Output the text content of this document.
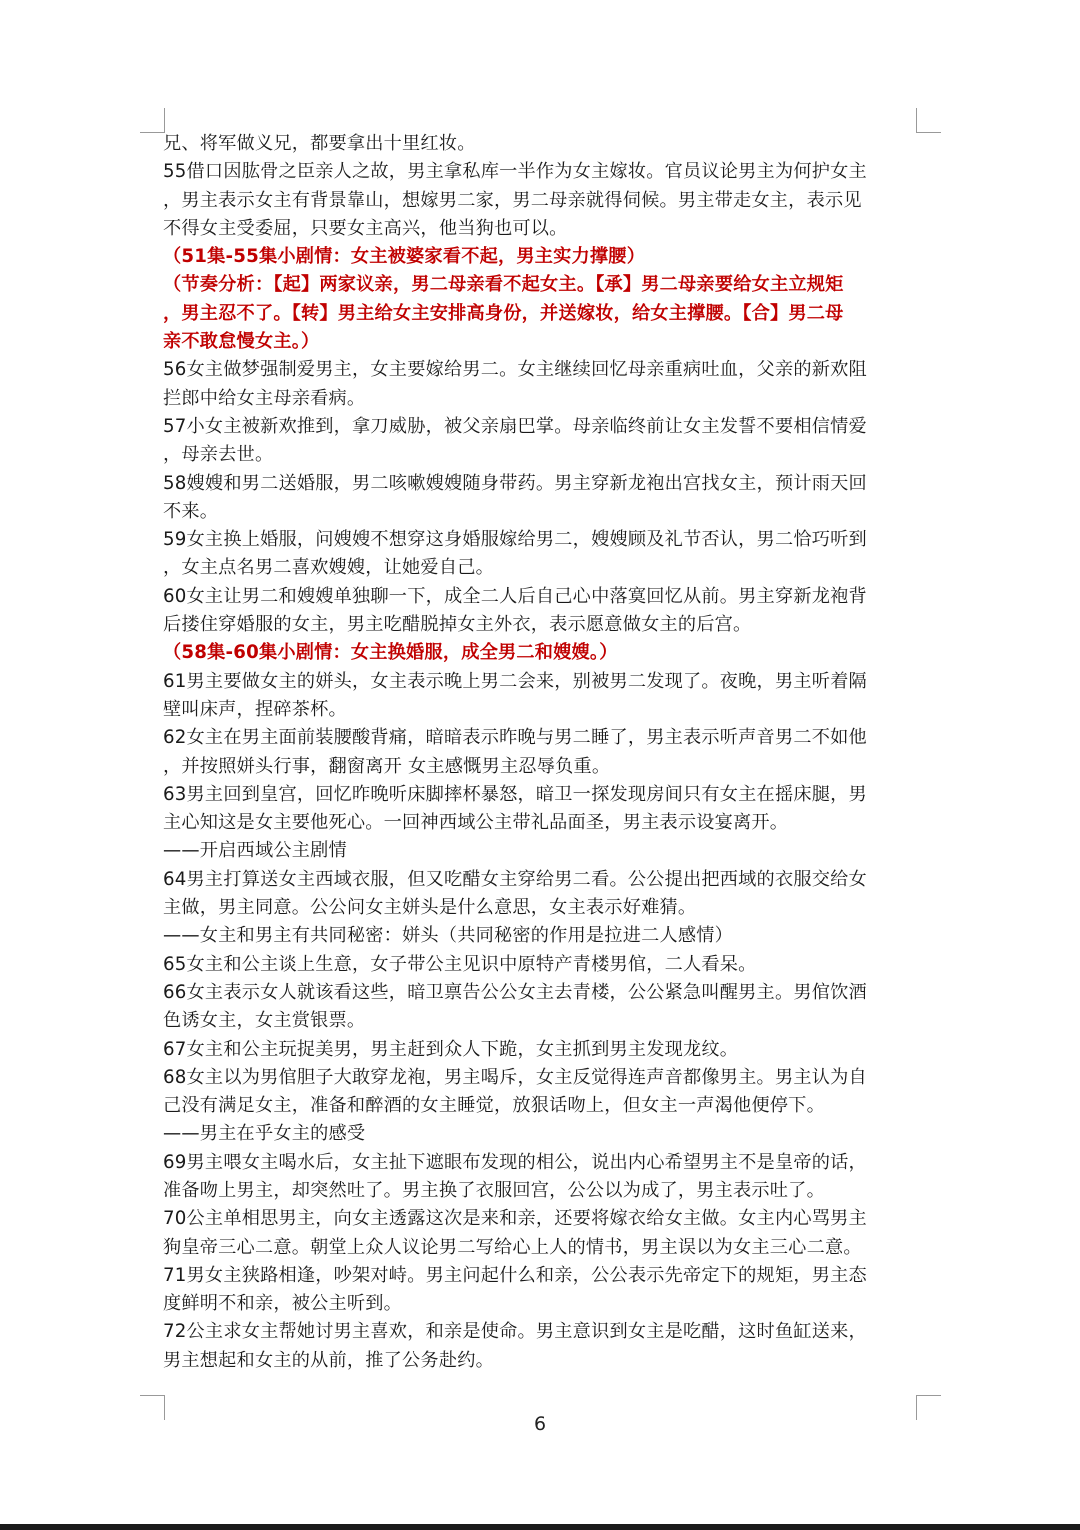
兄、将军做义兄，都要拿出十里红妆。

55借口因肱骨之臣亲人之故，男主拿私库一半作为女主嫁妆。官员议论男主为何护女主

，男主表示女主有背景靠山，想嫁男二家，男二母亲就得伺候。男主带走女主，表示见

不得女主受委屈，只要女主高兴，他当狗也可以。

（51集-55集小剧情：女主被婆家看不起，男主实力撑腰）

（节奏分析：【起】两家议亲，男二母亲看不起女主。【承】男二母亲要给女主立规矩

，男主忍不了。【转】男主给女主安排高身份，并送嫁妆，给女主撑腰。【合】男二母

亲不敢怠慢女主。）

56女主做梦强制爱男主，女主要嫁给男二。女主继续回忆母亲重病吐血，父亲的新欢阻

拦郎中给女主母亲看病。

57小女主被新欢推到，拿刀威胁，被父亲扇巴掌。母亲临终前让女主发誓不要相信情爱

，母亲去世。

58嫂嫂和男二送婚服，男二咳嗽嫂嫂随身带药。男主穿新龙袍出宫找女主，预计雨天回

不来。

59女主换上婚服，问嫂嫂不想穿这身婚服嫁给男二，嫂嫂顾及礼节否认，男二恰巧听到

，女主点名男二喜欢嫂嫂，让她爱自己。

60女主让男二和嫂嫂单独聊一下，成全二人后自己心中落寞回忆从前。男主穿新龙袍背

后搂住穿婚服的女主，男主吃醋脱掉女主外衣，表示愿意做女主的后宫。

（58集-60集小剧情：女主换婚服，成全男二和嫂嫂。）

61男主要做女主的姘头，女主表示晚上男二会来，别被男二发现了。夜晚，男主听着隔

壁叫床声，捏碎茶杯。

62女主在男主面前装腰酸背痛，暗暗表示昨晚与男二睡了，男主表示听声音男二不如他

，并按照姘头行事，翻窗离开 女主感慨男主忍辱负重。

63男主回到皇宫，回忆昨晚听床脚摔杯暴怒，暗卫一探发现房间只有女主在摇床腿，男

主心知这是女主要他死心。一回神西域公主带礼品面圣，男主表示设宴离开。

——开启西域公主剧情

64男主打算送女主西域衣服，但又吃醋女主穿给男二看。公公提出把西域的衣服交给女

主做，男主同意。公公问女主姘头是什么意思，女主表示好难猜。

——女主和男主有共同秘密：姘头（共同秘密的作用是拉进二人感情）

65女主和公主谈上生意，女子带公主见识中原特产青楼男倌，二人看呆。

66女主表示女人就该看这些，暗卫禀告公公女主去青楼，公公紧急叫醒男主。男倌饮酒

色诱女主，女主赏银票。

67女主和公主玩捉美男，男主赶到众人下跪，女主抓到男主发现龙纹。

68女主以为男倌胆子大敢穿龙袍，男主喝斥，女主反觉得连声音都像男主。男主认为自

己没有满足女主，准备和醉酒的女主睡觉，放狠话吻上，但女主一声渴他便停下。

——男主在乎女主的感受

69男主喂女主喝水后，女主扯下遮眼布发现的相公，说出内心希望男主不是皇帝的话，

准备吻上男主，却突然吐了。男主换了衣服回宫，公公以为成了，男主表示吐了。

70公主单相思男主，向女主透露这次是来和亲，还要将嫁衣给女主做。女主内心骂男主

狗皇帝三心二意。朝堂上众人议论男二写给心上人的情书，男主误以为女主三心二意。

71男女主狭路相逢，吵架对峙。男主问起什么和亲，公公表示先帝定下的规矩，男主态

度鲜明不和亲，被公主听到。

72公主求女主帮她讨男主喜欢，和亲是使命。男主意识到女主是吃醋，这时鱼缸送来，

男主想起和女主的从前，推了公务赴约。

6
